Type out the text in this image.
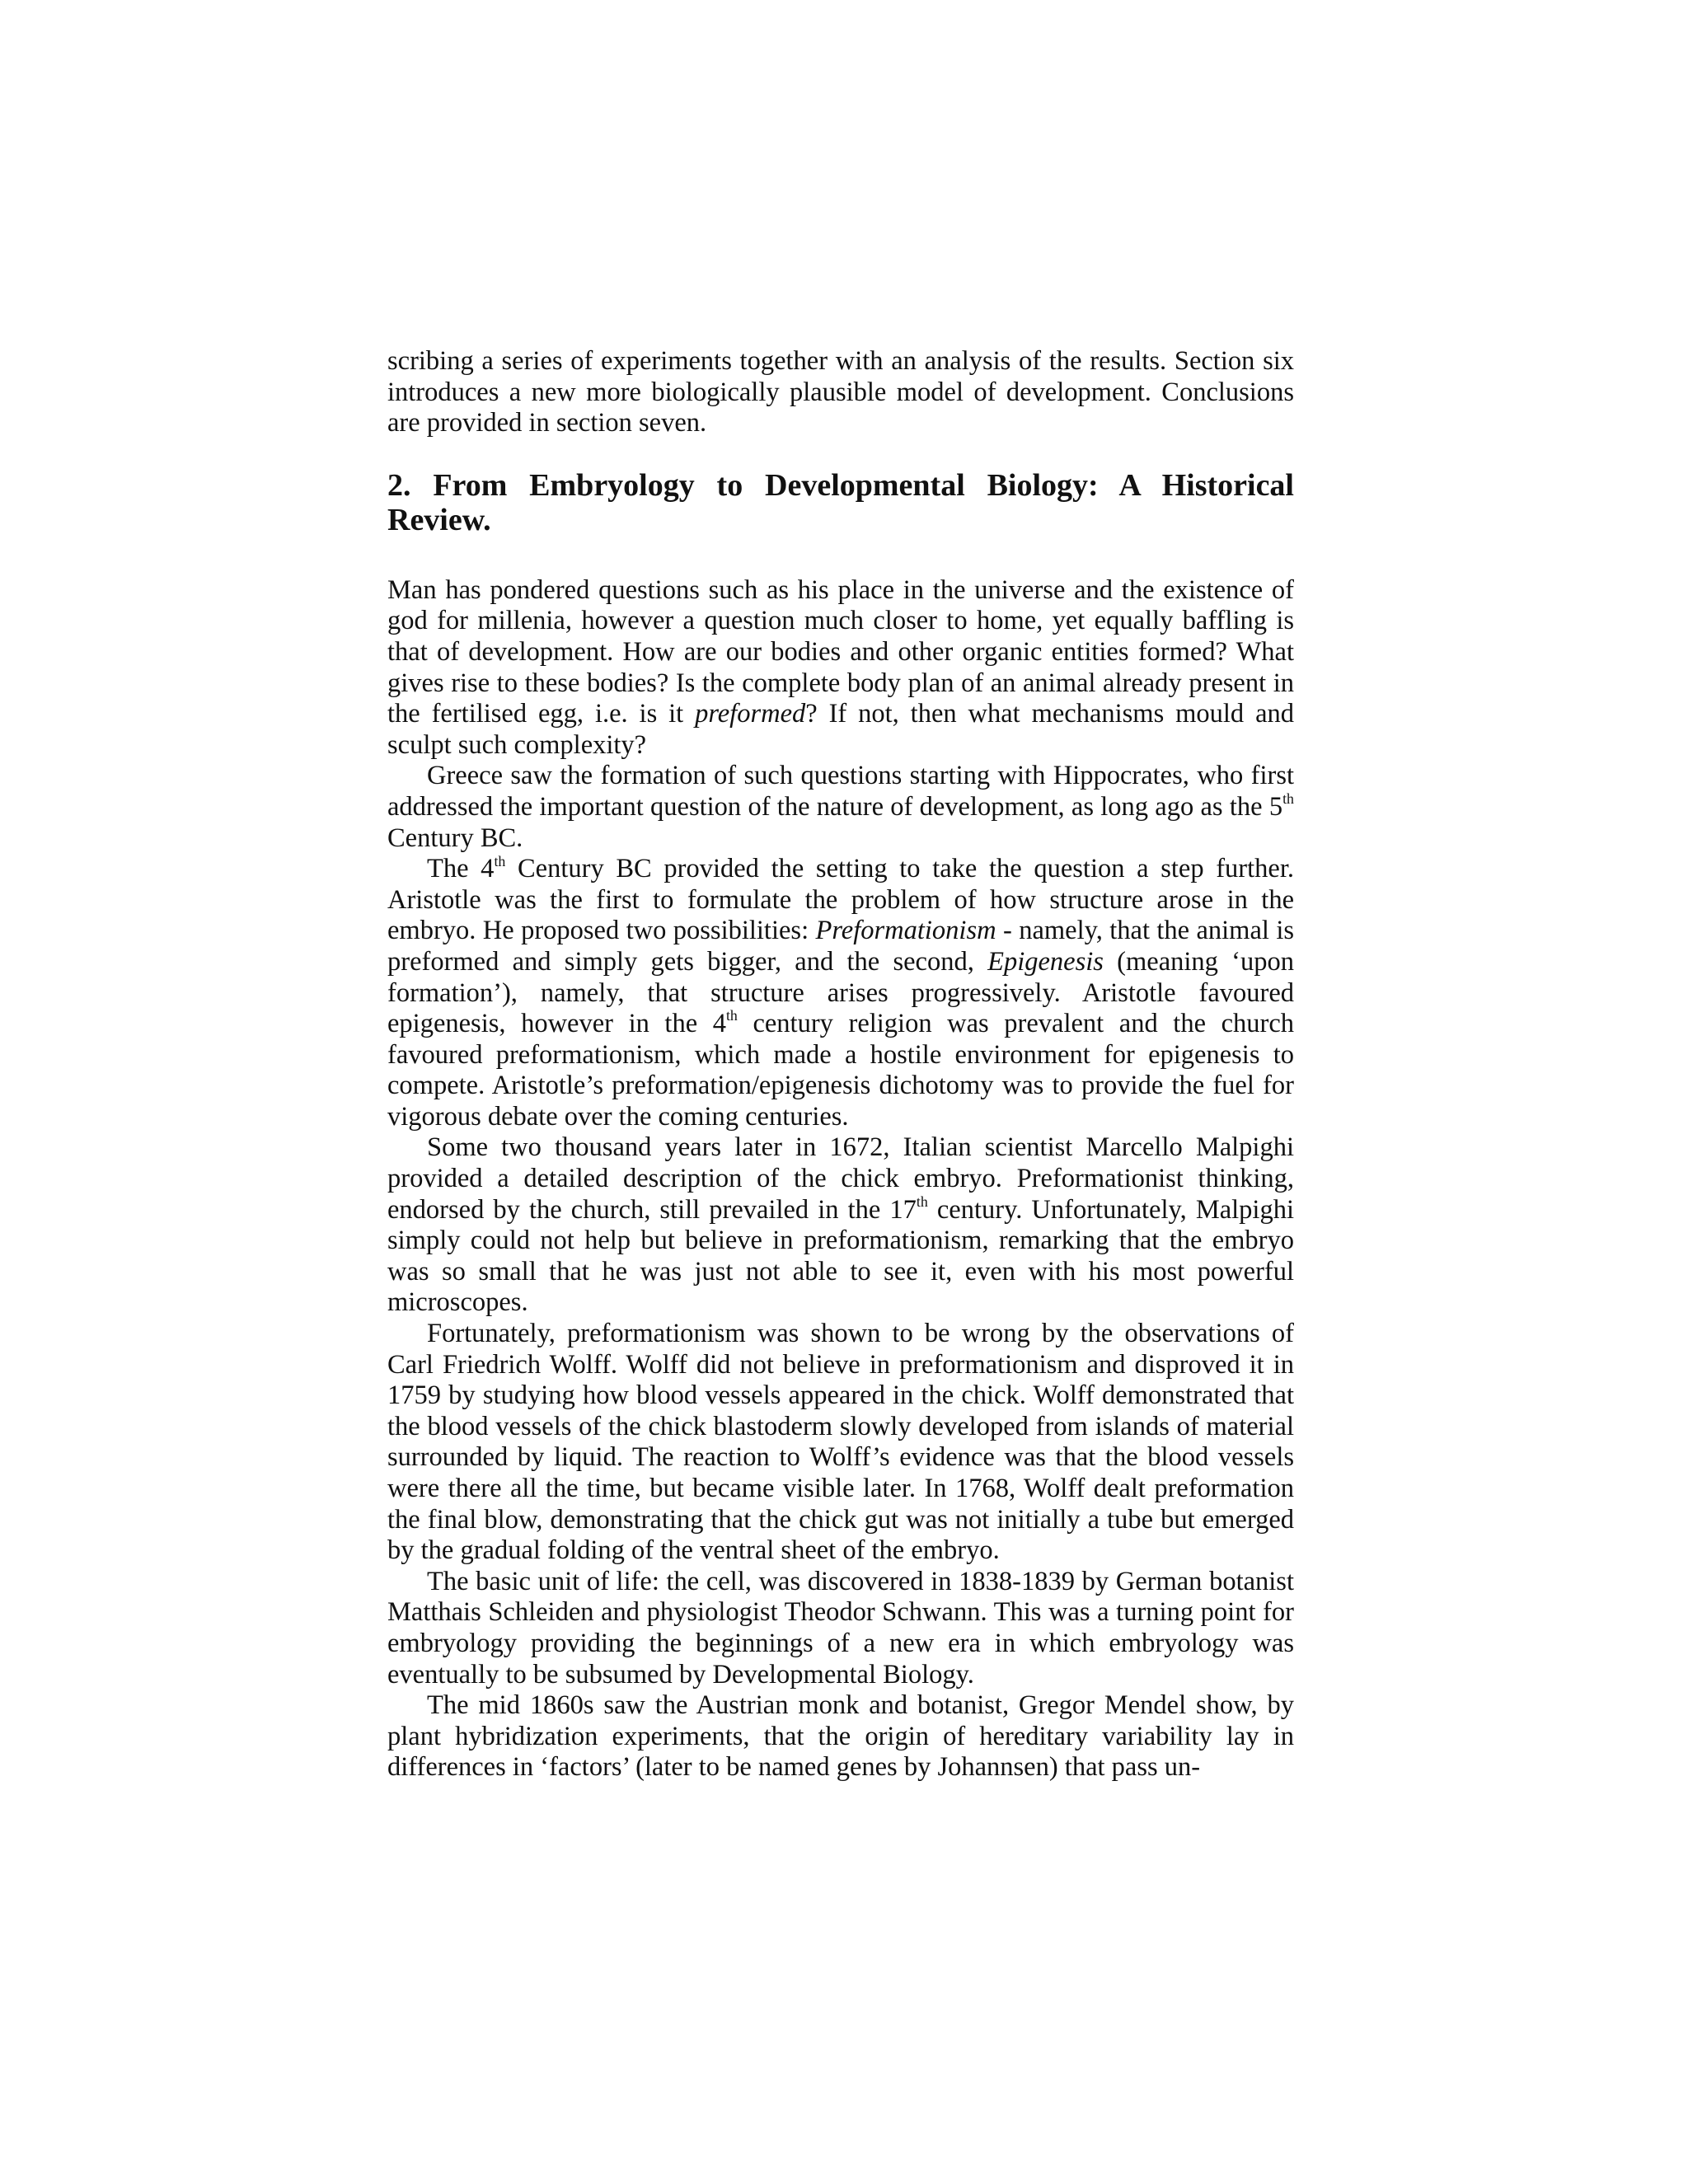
scribing a series of experiments together with an analysis of the results. Section six introduces a new more biologically plausible model of development. Conclusions are provided in section seven.

2. From Embryology to Developmental Biology: A Historical Review.

Man has pondered questions such as his place in the universe and the existence of god for millenia, however a question much closer to home, yet equally baffling is that of development. How are our bodies and other organic entities formed? What gives rise to these bodies? Is the complete body plan of an animal already present in the fertilised egg, i.e. is it preformed? If not, then what mechanisms mould and sculpt such complexity?

Greece saw the formation of such questions starting with Hippocrates, who first addressed the important question of the nature of development, as long ago as the 5th Century BC.

The 4th Century BC provided the setting to take the question a step further. Aristotle was the first to formulate the problem of how structure arose in the embryo. He proposed two possibilities: Preformationism - namely, that the animal is preformed and simply gets bigger, and the second, Epigenesis (meaning ‘upon formation’), namely, that structure arises progressively. Aristotle favoured epigenesis, however in the 4th century religion was prevalent and the church favoured preformationism, which made a hostile environment for epigenesis to compete. Aristotle’s preformation/epigenesis dichotomy was to provide the fuel for vigorous debate over the coming centuries.

Some two thousand years later in 1672, Italian scientist Marcello Malpighi provided a detailed description of the chick embryo. Preformationist thinking, endorsed by the church, still prevailed in the 17th century. Unfortunately, Malpighi simply could not help but believe in preformationism, remarking that the embryo was so small that he was just not able to see it, even with his most powerful microscopes.

Fortunately, preformationism was shown to be wrong by the observations of Carl Friedrich Wolff. Wolff did not believe in preformationism and disproved it in 1759 by studying how blood vessels appeared in the chick. Wolff demonstrated that the blood vessels of the chick blastoderm slowly developed from islands of material surrounded by liquid. The reaction to Wolff’s evidence was that the blood vessels were there all the time, but became visible later. In 1768, Wolff dealt preformation the final blow, demonstrating that the chick gut was not initially a tube but emerged by the gradual folding of the ventral sheet of the embryo.

The basic unit of life: the cell, was discovered in 1838-1839 by German botanist Matthais Schleiden and physiologist Theodor Schwann. This was a turning point for embryology providing the beginnings of a new era in which embryology was eventually to be subsumed by Developmental Biology.

The mid 1860s saw the Austrian monk and botanist, Gregor Mendel show, by plant hybridization experiments, that the origin of hereditary variability lay in differences in ‘factors’ (later to be named genes by Johannsen) that pass un-
